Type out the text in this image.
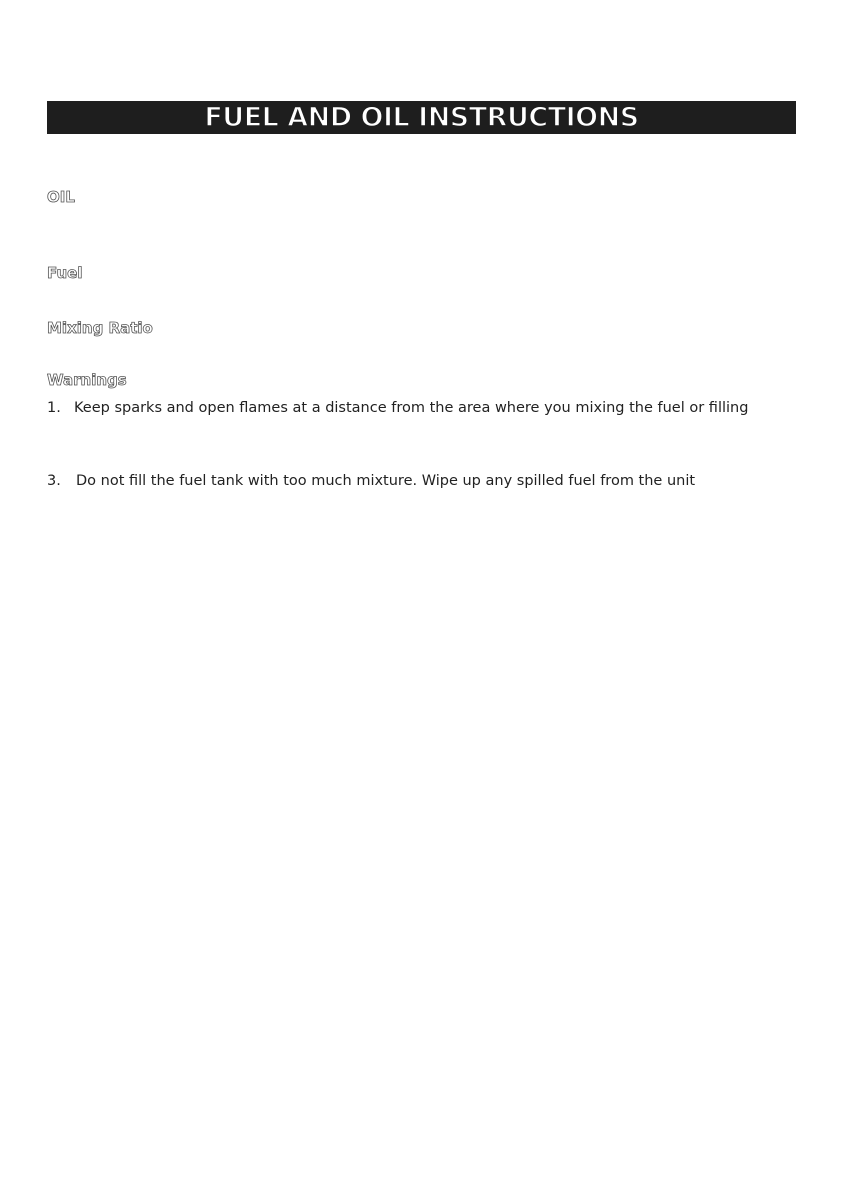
FUEL AND OIL INSTRUCTIONS
OIL
Fuel
Mixing Ratio
Warnings
1. Keep sparks and open flames at a distance from the area where you mixing the fuel or filling
3. Do not fill the fuel tank with too much mixture. Wipe up any spilled fuel from the unit
